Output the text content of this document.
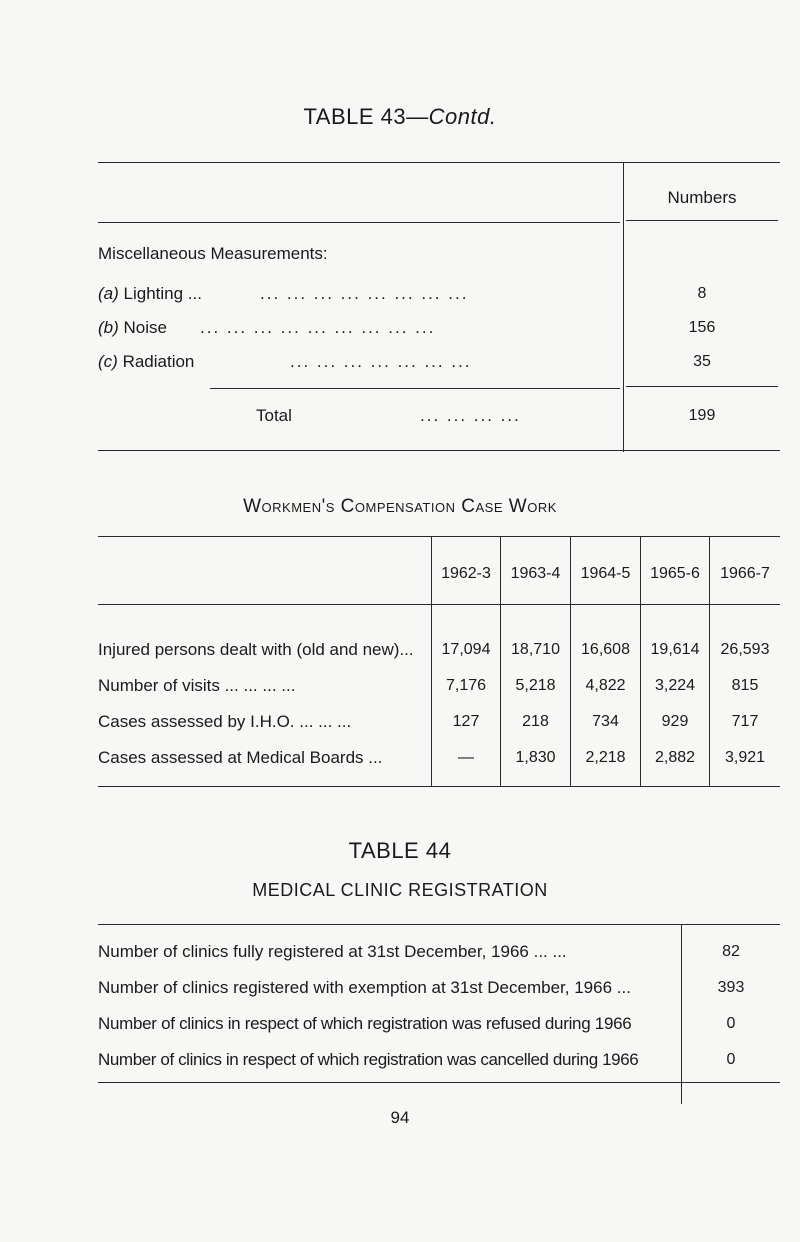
TABLE 43—Contd.
Numbers
Miscellaneous Measurements:
(a) Lighting ...	... ... ... ... ... ... ... ...	8
(b) Noise ... ... ... ... ... ... ... ... ...	156
(c) Radiation	... ... ... ... ... ... ...	35
Total	... ... ... ...	199
Workmen's Compensation Case Work
1962-3	1963-4	1964-5	1965-6	1966-7
Injured persons dealt with (old and new)...	17,094	18,710	16,608	19,614	26,593
Number of visits ... ... ... ...	7,176	5,218	4,822	3,224	815
Cases assessed by I.H.O. ... ... ...	127	218	734	929	717
Cases assessed at Medical Boards ...	—	1,830	2,218	2,882	3,921
TABLE 44
MEDICAL CLINIC REGISTRATION
Number of clinics fully registered at 31st December, 1966 ... ...	82
Number of clinics registered with exemption at 31st December, 1966 ...	393
Number of clinics in respect of which registration was refused during 1966	0
Number of clinics in respect of which registration was cancelled during 1966	0
94
